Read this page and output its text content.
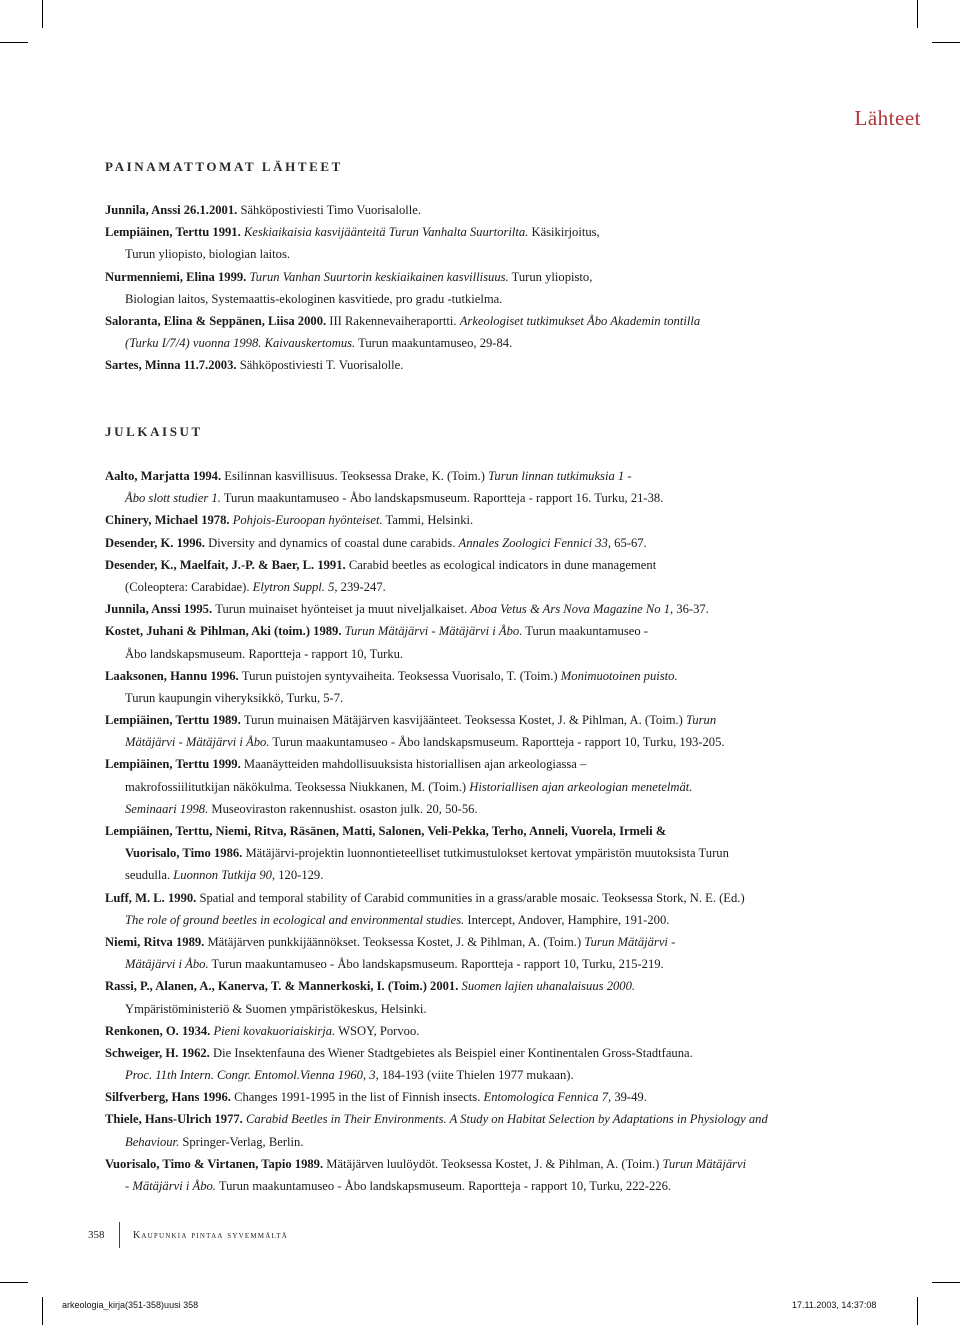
Lähteet
PAINAMATTOMAT LÄHTEET
Junnila, Anssi 26.1.2001. Sähköpostiviesti Timo Vuorisalolle.
Lempiäinen, Terttu 1991. Keskiaikaisia kasvijäänteitä Turun Vanhalta Suurtorilta. Käsikirjoitus,
Turun yliopisto, biologian laitos.
Nurmenniemi, Elina 1999. Turun Vanhan Suurtorin keskiaikainen kasvillisuus. Turun yliopisto,
Biologian laitos, Systemaattis-ekologinen kasvitiede, pro gradu -tutkielma.
Saloranta, Elina & Seppänen, Liisa 2000. III Rakennevaiheraportti. Arkeologiset tutkimukset Åbo Akademin tontilla
(Turku I/7/4) vuonna 1998. Kaivauskertomus. Turun maakuntamuseo, 29-84.
Sartes, Minna 11.7.2003. Sähköpostiviesti T. Vuorisalolle.
JULKAISUT
Aalto, Marjatta 1994. Esilinnan kasvillisuus. Teoksessa Drake, K. (Toim.) Turun linnan tutkimuksia 1 -
Åbo slott studier 1. Turun maakuntamuseo - Åbo landskapsmuseum. Raportteja - rapport 16. Turku, 21-38.
Chinery, Michael 1978. Pohjois-Euroopan hyönteiset. Tammi, Helsinki.
Desender, K. 1996. Diversity and dynamics of coastal dune carabids. Annales Zoologici Fennici 33, 65-67.
Desender, K., Maelfait, J.-P. & Baer, L. 1991. Carabid beetles as ecological indicators in dune management
(Coleoptera: Carabidae). Elytron Suppl. 5, 239-247.
Junnila, Anssi 1995. Turun muinaiset hyönteiset ja muut niveljalkaiset. Aboa Vetus & Ars Nova Magazine No 1, 36-37.
Kostet, Juhani & Pihlman, Aki (toim.) 1989. Turun Mätäjärvi - Mätäjärvi i Åbo. Turun maakuntamuseo -
Åbo landskapsmuseum. Raportteja - rapport 10, Turku.
Laaksonen, Hannu 1996. Turun puistojen syntyvaiheita. Teoksessa Vuorisalo, T. (Toim.) Monimuotoinen puisto.
Turun kaupungin viheryksikkö, Turku, 5-7.
Lempiäinen, Terttu 1989. Turun muinaisen Mätäjärven kasvijäänteet. Teoksessa Kostet, J. & Pihlman, A. (Toim.) Turun
Mätäjärvi - Mätäjärvi i Åbo. Turun maakuntamuseo - Åbo landskapsmuseum. Raportteja - rapport 10, Turku, 193-205.
Lempiäinen, Terttu 1999. Maanäytteiden mahdollisuuksista historiallisen ajan arkeologiassa –
makrofossiilitutkijan näkökulma. Teoksessa Niukkanen, M. (Toim.) Historiallisen ajan arkeologian menetelmät.
Seminaari 1998. Museoviraston rakennushist. osaston julk. 20, 50-56.
Lempiäinen, Terttu, Niemi, Ritva, Räsänen, Matti, Salonen, Veli-Pekka, Terho, Anneli, Vuorela, Irmeli &
Vuorisalo, Timo 1986. Mätäjärvi-projektin luonnontieteelliset tutkimustulokset kertovat ympäristön muutoksista Turun
seudulla. Luonnon Tutkija 90, 120-129.
Luff, M. L. 1990. Spatial and temporal stability of Carabid communities in a grass/arable mosaic. Teoksessa Stork, N. E. (Ed.)
The role of ground beetles in ecological and environmental studies. Intercept, Andover, Hamphire, 191-200.
Niemi, Ritva 1989. Mätäjärven punkkijäännökset. Teoksessa Kostet, J. & Pihlman, A. (Toim.) Turun Mätäjärvi -
Mätäjärvi i Åbo. Turun maakuntamuseo - Åbo landskapsmuseum. Raportteja - rapport 10, Turku, 215-219.
Rassi, P., Alanen, A., Kanerva, T. & Mannerkoski, I. (Toim.) 2001. Suomen lajien uhanalaisuus 2000.
Ympäristöministeriö & Suomen ympäristökeskus, Helsinki.
Renkonen, O. 1934. Pieni kovakuoriaiskirja. WSOY, Porvoo.
Schweiger, H. 1962. Die Insektenfauna des Wiener Stadtgebietes als Beispiel einer Kontinentalen Gross-Stadtfauna.
Proc. 11th Intern. Congr. Entomol.Vienna 1960, 3, 184-193 (viite Thielen 1977 mukaan).
Silfverberg, Hans 1996. Changes 1991-1995 in the list of Finnish insects. Entomologica Fennica 7, 39-49.
Thiele, Hans-Ulrich 1977. Carabid Beetles in Their Environments. A Study on Habitat Selection by Adaptations in Physiology and
Behaviour. Springer-Verlag, Berlin.
Vuorisalo, Timo & Virtanen, Tapio 1989. Mätäjärven luulöydöt. Teoksessa Kostet, J. & Pihlman, A. (Toim.) Turun Mätäjärvi
- Mätäjärvi i Åbo. Turun maakuntamuseo - Åbo landskapsmuseum. Raportteja - rapport 10, Turku, 222-226.
358	Kaupunkia pintaa syvemmältä
arkeologia_kirja(351-358)uusi 358	17.11.2003, 14:37:08
